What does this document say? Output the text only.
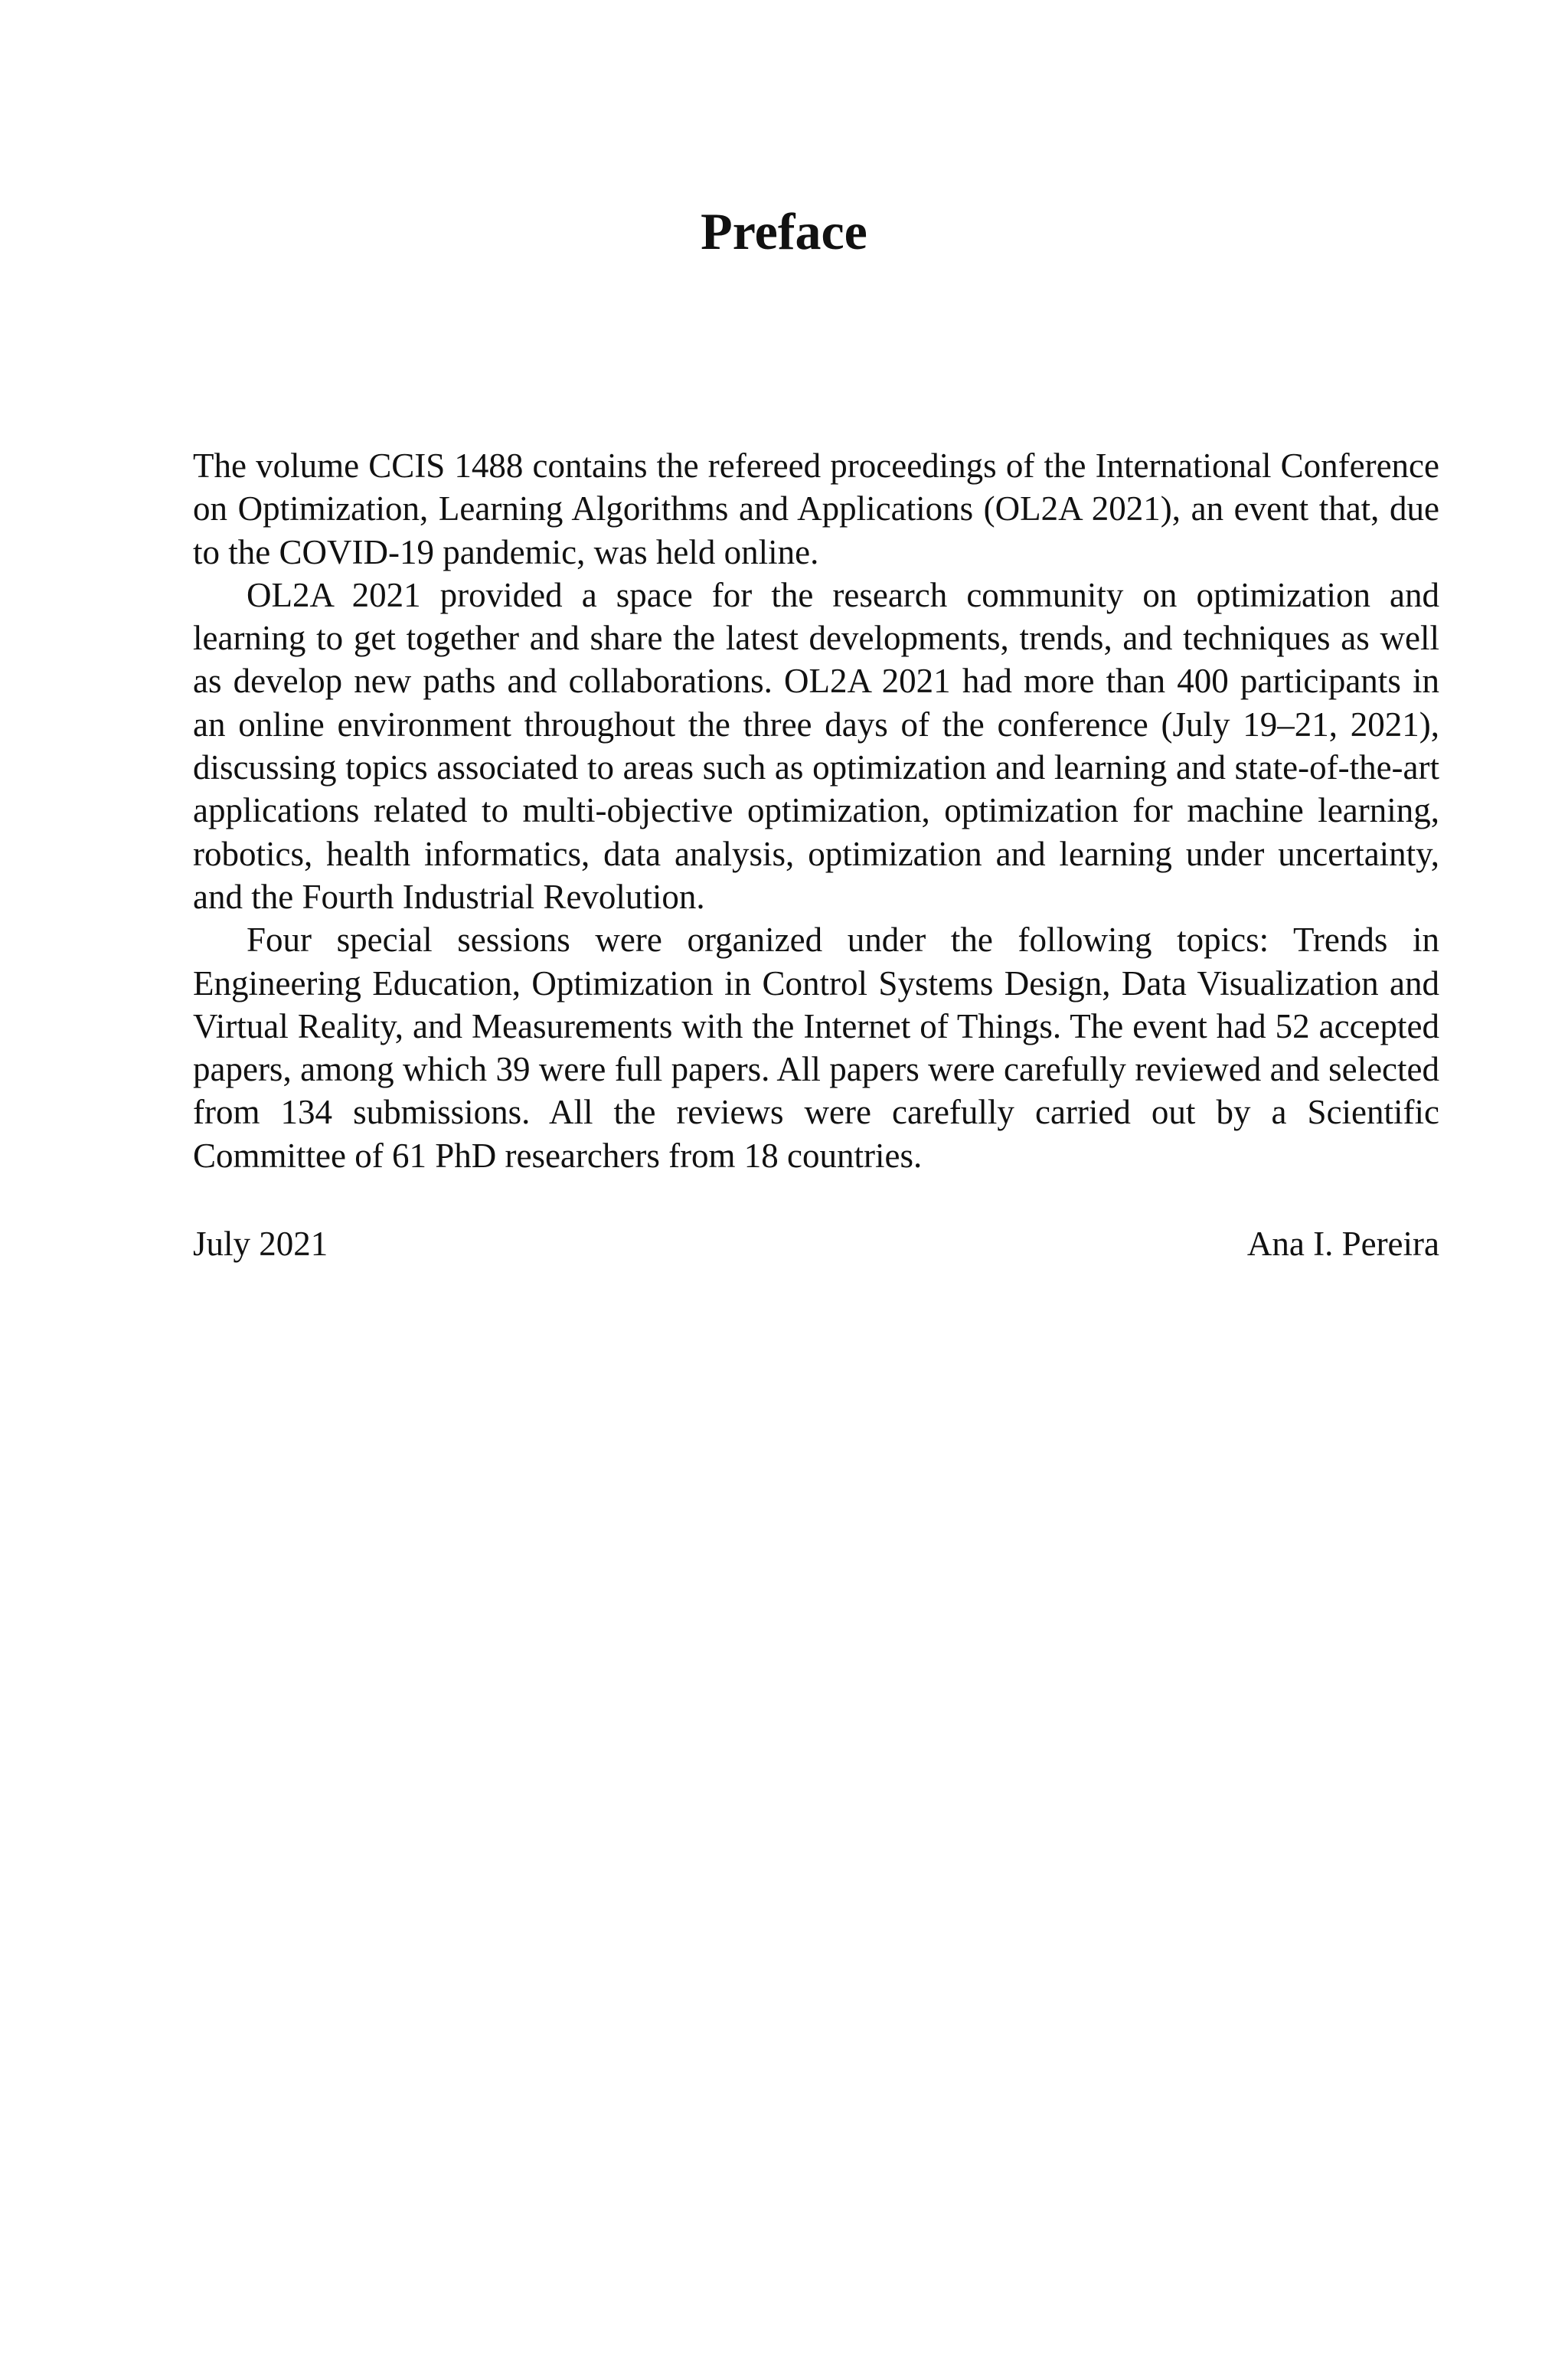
Preface

The volume CCIS 1488 contains the refereed proceedings of the International Conference on Optimization, Learning Algorithms and Applications (OL2A 2021), an event that, due to the COVID-19 pandemic, was held online.

OL2A 2021 provided a space for the research community on optimization and learning to get together and share the latest developments, trends, and techniques as well as develop new paths and collaborations. OL2A 2021 had more than 400 participants in an online environment throughout the three days of the conference (July 19–21, 2021), discussing topics associated to areas such as optimization and learning and state-of-the-art applications related to multi-objective optimization, optimization for machine learning, robotics, health informatics, data analysis, optimization and learning under uncertainty, and the Fourth Industrial Revolution.

Four special sessions were organized under the following topics: Trends in Engineering Education, Optimization in Control Systems Design, Data Visualization and Virtual Reality, and Measurements with the Internet of Things. The event had 52 accepted papers, among which 39 were full papers. All papers were carefully reviewed and selected from 134 submissions. All the reviews were carefully carried out by a Scientific Committee of 61 PhD researchers from 18 countries.

July 2021	Ana I. Pereira
